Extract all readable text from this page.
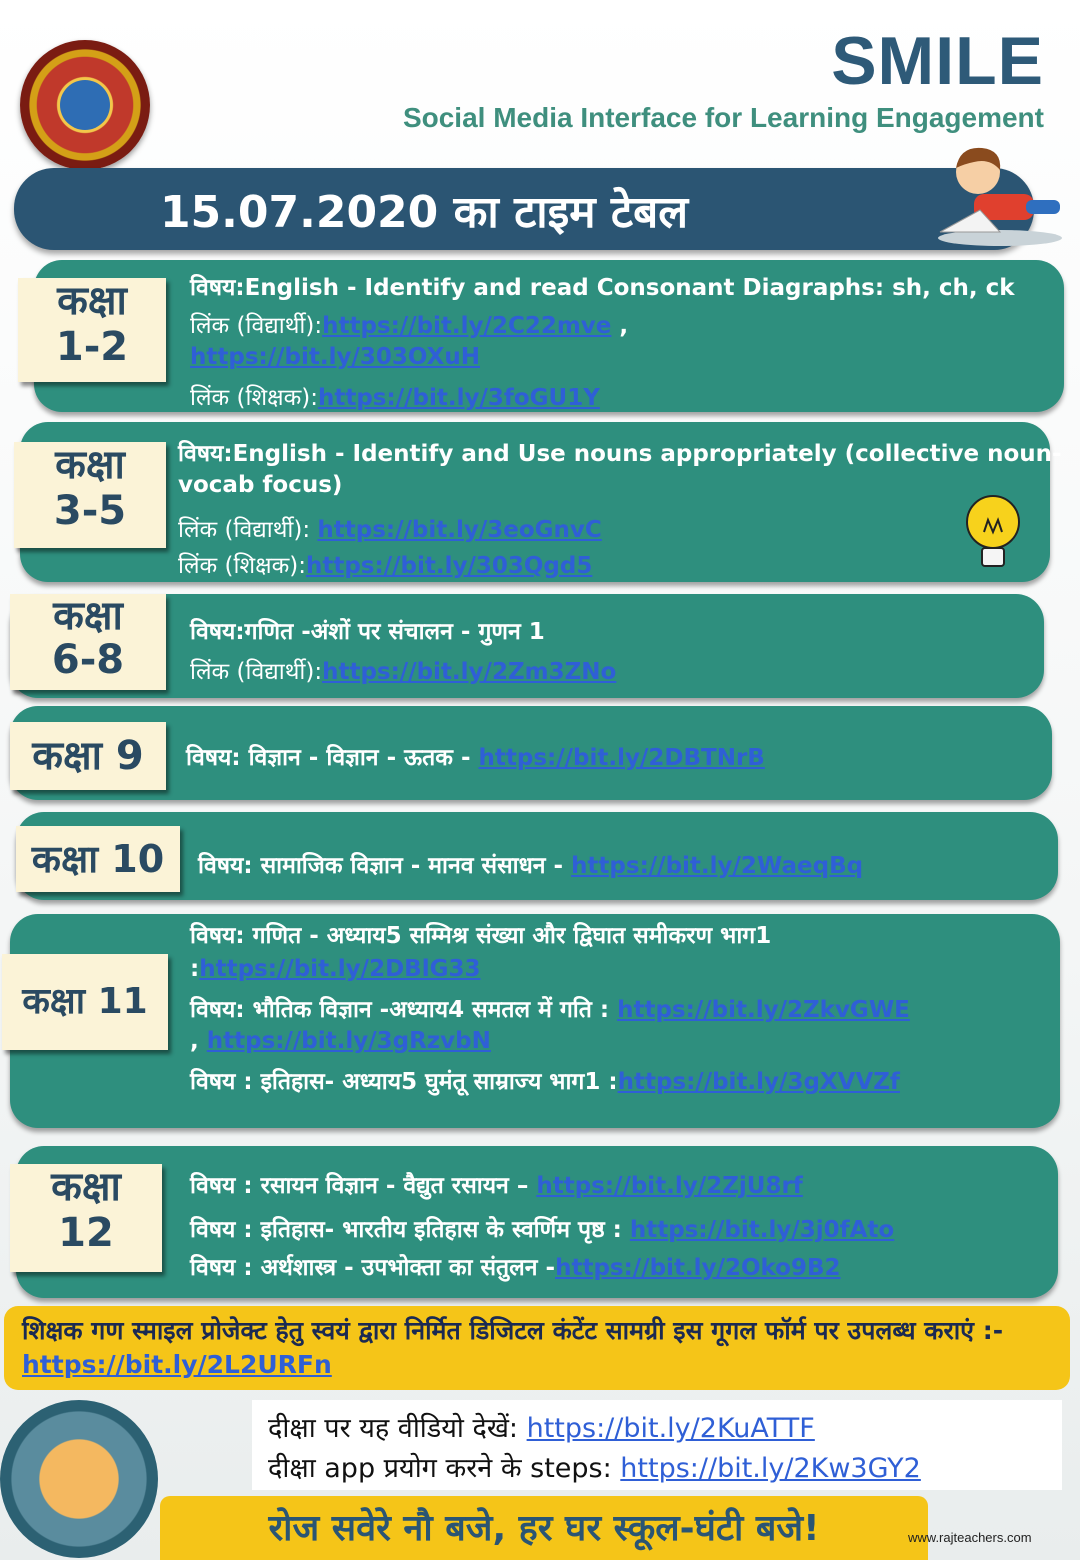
SMILE
Social Media Interface for Learning Engagement
15.07.2020 का टाइम टेबल
कक्षा
1-2
विषय:English - Identify and read Consonant Diagraphs: sh, ch, ck
लिंक (विद्यार्थी):https://bit.ly/2C22mve ,
https://bit.ly/303OXuH
लिंक (शिक्षक):https://bit.ly/3foGU1Y
कक्षा
3-5
विषय:English - Identify and Use nouns appropriately (collective noun-
vocab focus)
लिंक (विद्यार्थी): https://bit.ly/3eoGnvC
लिंक (शिक्षक):https://bit.ly/303Qgd5
कक्षा
6-8
विषय:गणित -अंशों पर संचालन - गुणन 1
लिंक (विद्यार्थी):https://bit.ly/2Zm3ZNo
कक्षा 9	विषय: विज्ञान - विज्ञान - ऊतक - https://bit.ly/2DBTNrB
कक्षा 10	विषय: सामाजिक विज्ञान - मानव संसाधन - https://bit.ly/2WaeqBq
कक्षा 11
विषय: गणित - अध्याय5 सम्मिश्र संख्या और द्विघात समीकरण भाग1
:https://bit.ly/2DBlG33
विषय: भौतिक विज्ञान -अध्याय4 समतल में गति : https://bit.ly/2ZkvGWE
, https://bit.ly/3gRzvbN
विषय : इतिहास- अध्याय5 घुमंतू साम्राज्य भाग1 :https://bit.ly/3gXVVZf
कक्षा
12
विषय : रसायन विज्ञान - वैद्युत रसायन – https://bit.ly/2ZjU8rf
विषय : इतिहास- भारतीय इतिहास के स्वर्णिम पृष्ठ : https://bit.ly/3j0fAto
विषय : अर्थशास्त्र - उपभोक्ता का संतुलन -https://bit.ly/2Oko9B2
शिक्षक गण स्माइल प्रोजेक्ट हेतु स्वयं द्वारा निर्मित डिजिटल कंटेंट सामग्री इस गूगल फॉर्म पर उपलब्ध कराएं :- https://bit.ly/2L2URFn
दीक्षा पर यह वीडियो देखें: https://bit.ly/2KuATTF
दीक्षा app प्रयोग करने के steps: https://bit.ly/2Kw3GY2
रोज सवेरे नौ बजे, हर घर स्कूल-घंटी बजे!	www.rajteachers.com
